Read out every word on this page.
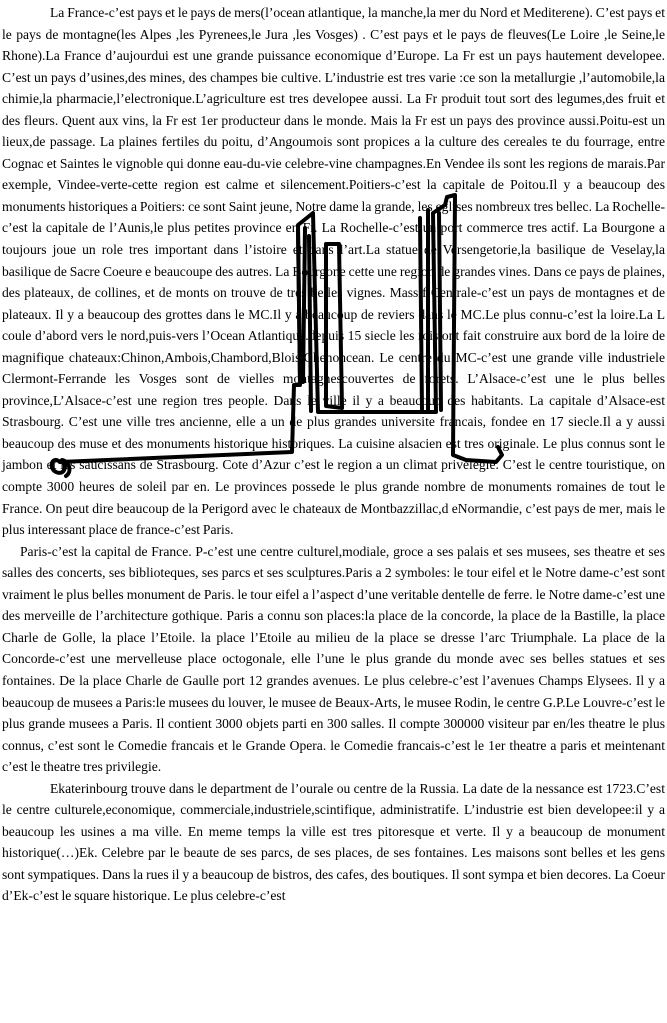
La France-c’est pays et le pays de mers(l’ocean atlantique, la manche,la mer du Nord et Mediterene). C’est pays et le pays de montagne(les Alpes ,les Pyrenees,le Jura ,les Vosges) . C’est pays et le pays de fleuves(Le Loire ,le Seine,le Rhone).La France d’aujourdui est une grande puissance economique d’Europe. La Fr est un pays hautement developee. C’est un pays d’usines,des mines, des champes bie cultive. L’industrie est tres varie :ce son la metallurgie ,l’automobile,la chimie,la pharmacie,l’electronique.L’agriculture est tres developee aussi. La Fr produit tout sort des legumes,des fruit et des fleurs. Quent aux vins, la Fr est 1er producteur dans le monde. Mais la Fr est un pays des province aussi.Poitu-est un lieux,de passage. La plaines fertiles du poitu, d’Angoumois sont propices a la culture des cereales te du fourrage, entre Cognac et Saintes le vignoble qui donne eau-du-vie celebre-vine champagnes.En Vendee ils sont les regions de marais.Par exemple, Vindee-verte-cette region est calme et silencement.Poitiers-c’est la capitale de Poitou.Il y a beaucoup des monuments historiques a Poitiers: ce sont Saint jeune, Notre dame la grande, les eglises nombreux tres bellec. La Rochelle-c’est la capitale de l’Aunis,le plus petites province en Fr. La Rochelle-c’est un port commerce tres actif. La Bourgone a toujours joue un role tres important dans l’istoire et dans l’art.La statue de Versengetorie,la basilique de Veselay,la basilique de Sacre Coeure e beaucoupe des autres. La Bourgone cette une region de grandes vines. Dans ce pays de plaines, des plateaux, de collines, et de monts on trouve de tres belles vignes. Massif Centrale-c’est un pays de montagnes et de plateaux. Il y a beaucoup des grottes dans le MC.Il y a beaucoup de reviers dans le MC.Le plus connu-c’est la loire.La L coule d’abord vers le nord,puis-vers l’Ocean Atlantique.depuis 15 siecle les rois ont fait construire aux bord de la loire de magnifique chateaux:Chinon,Ambois,Chambord,Blois,Chenoncean. Le centre du MC-c’est une grande ville industriele Clermont-Ferrande les Vosges sont de vielles montagnescouvertes de forets. L’Alsace-c’est une le plus belles province,L’Alsace-c’est une region tres people. Dans le ville il y a beaucoup des habitants. La capitale d’Alsace-est Strasbourg. C’est une ville tres ancienne, elle a un de plus grandes universite francais, fondee en 17 siecle.Il a y aussi beaucoup des muse et des monuments historique historiques. La cuisine alsacien est tres originale. Le plus connus sont le jambon et les saucissans de Strasbourg. Cote d’Azur c’est le region a un climat privelegie. C’est le centre touristique, on compte 3000 heures de soleil par en. Le provinces possede le plus grande nombre de monuments romaines de tout le France. On peut dire beaucoup de la Perigord avec le chateaux de Montbazzillac,d eNormandie, c’est pays de mer, mais le plus interessant place de france-c’est Paris.

Paris-c’est la capital de France. P-c’est une centre culturel,modiale, groce a ses palais et ses musees, ses theatre et ses salles des concerts, ses biblioteques, ses parcs et ses sculptures.Paris a 2 symboles: le tour eifel et le Notre dame-c’est sont vraiment le plus belles monument de Paris. le tour eifel a l’aspect d’une veritable dentelle de ferre. le Notre dame-c’est une des merveille de l’architecture gothique. Paris a connu son places:la place de la concorde, la place de la Bastille, la place Charle de Golle, la place l’Etoile. la place l’Etoile au milieu de la place se dresse l’arc Triumphale. La place de la Concorde-c’est une mervelleuse place octogonale, elle l’une le plus grande du monde avec ses belles statues et ses fontaines. De la place Charle de Gaulle port 12 grandes avenues. Le plus celebre-c’est l’avenues Champs Elysees. Il y a beaucoup de musees a Paris:le musees du louver, le musee de Beaux-Arts, le musee Rodin, le centre G.P.Le Louvre-c’est le plus grande musees a Paris. Il contient 3000 objets parti en 300 salles. Il compte 300000 visiteur par en/les theatre le plus connus, c’est sont le Comedie francais et le Grande Opera. le Comedie francais-c’est le 1er theatre a paris et meintenant c’est le theatre tres privilegie.

Ekaterinbourg trouve dans le department de l’ourale ou centre de la Russia. La date de la nessance est 1723.C’est le centre culturele,economique, commerciale,industriele,scintifique, administratife. L’industrie est bien developee:il y a beaucoup les usines a ma ville. En meme temps la ville est tres pitoresque et verte. Il y a beaucoup de monument historique(…)Ek. Celebre par le beaute de ses parcs, de ses places, de ses fontaines. Les maisons sont belles et les gens sont sympatiques. Dans la rues il y a beaucoup de bistros, des cafes, des boutiques. Il sont sympa et bien decores. La Coeur d’Ek-c’est le square historique. Le plus celebre-c’est
